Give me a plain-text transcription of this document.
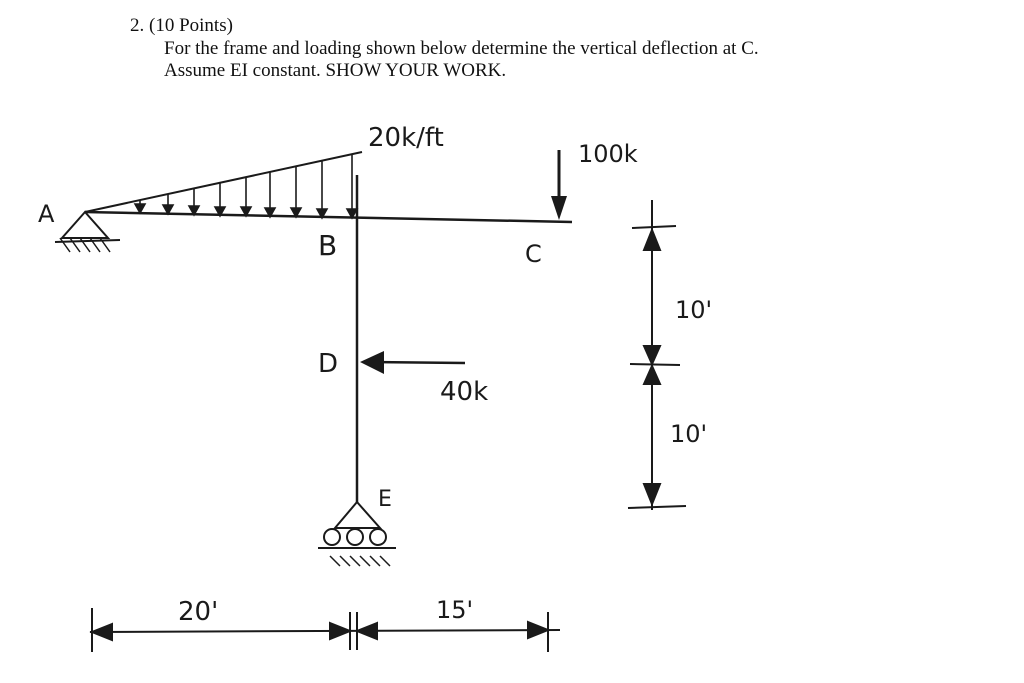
2. (10 Points)
For the frame and loading shown below determine the vertical deflection at C.
Assume EI constant. SHOW YOUR WORK.
A
B	C
D
E
20k/ft
100k
40k
10'
10'
20'	15'
